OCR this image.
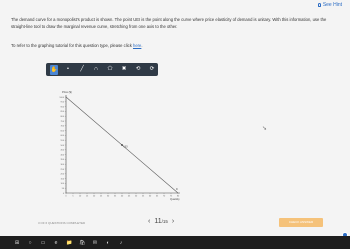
See Hint

The demand curve for a monopolist's product is shown. The point UEI is the point along the curve where price elasticity of demand is unitary. With this information, use the straight-line tool to draw the marginal revenue curve, stretching from one axis to the other.

To refer to the graphing tutorial for this question type, please click here.

✋	•	╱	∩	⬠	✖	⟲	⟳
Price ($)
Quantity
1000
950
900
850
800
750
700
650
600
550
500
450
400
350
300
250
200
150
100
50
0
0	5	10	15	20	25	30	35	40	45	50	55	60	65	70	75	80
D
UEI
➘
3 OF 6 QUESTIONS COMPLETED	‹ 11/15 ›	CHECK ANSWER
⊞ ○ ▭	e	📁 🛍 ✉ ◐	♪
